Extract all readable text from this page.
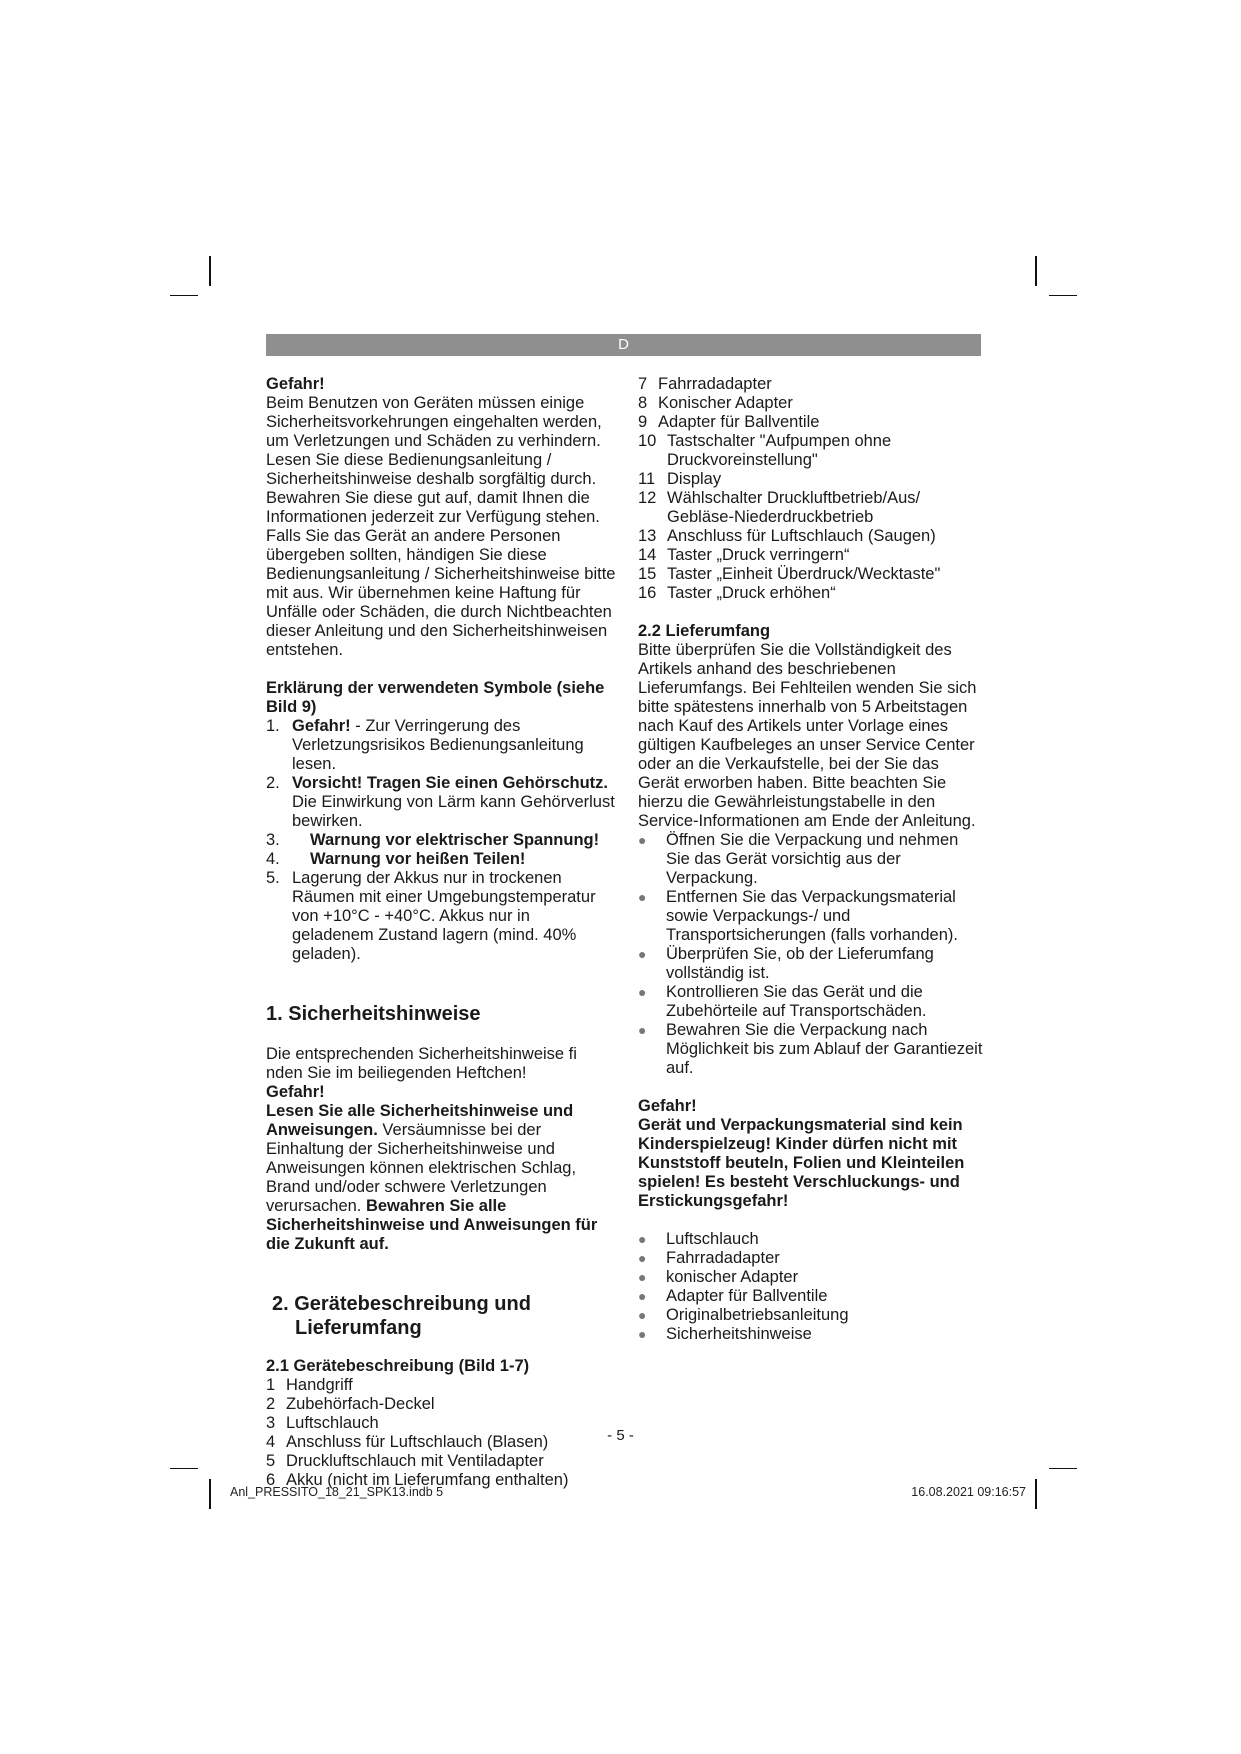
D

Gefahr!

Beim Benutzen von Geräten müssen einige Sicherheitsvorkehrungen eingehalten werden, um Verletzungen und Schäden zu verhindern. Lesen Sie diese Bedienungsanleitung / Sicherheitshinweise deshalb sorgfältig durch. Bewahren Sie diese gut auf, damit Ihnen die Informationen jederzeit zur Verfügung stehen. Falls Sie das Gerät an andere Personen übergeben sollten, händigen Sie diese Bedienungsanleitung / Sicherheitshinweise bitte mit aus. Wir übernehmen keine Haftung für Unfälle oder Schäden, die durch Nichtbeachten dieser Anleitung und den Sicherheitshinweisen entstehen.

Erklärung der verwendeten Symbole (siehe Bild 9)
1. Gefahr! - Zur Verringerung des Verletzungsrisikos Bedienungsanleitung lesen.
2. Vorsicht! Tragen Sie einen Gehörschutz. Die Einwirkung von Lärm kann Gehörverlust bewirken.
3.	Warnung vor elektrischer Spannung!
4.	Warnung vor heißen Teilen!
5. Lagerung der Akkus nur in trockenen Räumen mit einer Umgebungstemperatur von +10°C - +40°C. Akkus nur in geladenem Zustand lagern (mind. 40% geladen).
1. Sicherheitshinweise

Die entsprechenden Sicherheitshinweise fi nden Sie im beiliegenden Heftchen!

Gefahr!

Lesen Sie alle Sicherheitshinweise und Anweisungen. Versäumnisse bei der Einhaltung der Sicherheitshinweise und Anweisungen können elektrischen Schlag, Brand und/oder schwere Verletzungen verursachen. Bewahren Sie alle Sicherheitshinweise und Anweisungen für die Zukunft auf.

2. Gerätebeschreibung und
Lieferumfang
2.1 Gerätebeschreibung (Bild 1-7)
1 Handgriff
2 Zubehörfach-Deckel
3 Luftschlauch
4 Anschluss für Luftschlauch (Blasen)
5 Druckluftschlauch mit Ventiladapter
6 Akku (nicht im Lieferumfang enthalten)
7 Fahrradadapter
8 Konischer Adapter
9 Adapter für Ballventile
10 Tastschalter "Aufpumpen ohne Druckvoreinstellung"
11 Display
12 Wählschalter Druckluftbetrieb/Aus/ Gebläse-Niederdruckbetrieb
13 Anschluss für Luftschlauch (Saugen)
14 Taster „Druck verringern“
15 Taster „Einheit Überdruck/Wecktaste"
16 Taster „Druck erhöhen“
2.2 Lieferumfang

Bitte überprüfen Sie die Vollständigkeit des Artikels anhand des beschriebenen Lieferumfangs. Bei Fehlteilen wenden Sie sich bitte spätestens innerhalb von 5 Arbeitstagen nach Kauf des Artikels unter Vorlage eines gültigen Kaufbeleges an unser Service Center oder an die Verkaufstelle, bei der Sie das Gerät erworben haben. Bitte beachten Sie hierzu die Gewährleistungstabelle in den Service-Informationen am Ende der Anleitung.

●	Öffnen Sie die Verpackung und nehmen Sie das Gerät vorsichtig aus der Verpackung.
●	Entfernen Sie das Verpackungsmaterial sowie Verpackungs-/ und Transportsicherungen (falls vorhanden).
●	Überprüfen Sie, ob der Lieferumfang vollständig ist.
●	Kontrollieren Sie das Gerät und die Zubehörteile auf Transportschäden.
●	Bewahren Sie die Verpackung nach Möglichkeit bis zum Ablauf der Garantiezeit auf.

Gefahr!

Gerät und Verpackungsmaterial sind kein Kinderspielzeug! Kinder dürfen nicht mit Kunststoff beuteln, Folien und Kleinteilen spielen! Es besteht Verschluckungs- und Erstickungsgefahr!

●	Luftschlauch
●	Fahrradadapter
●	konischer Adapter
●	Adapter für Ballventile
●	Originalbetriebsanleitung
●	Sicherheitshinweise
- 5 -
Anl_PRESSITO_18_21_SPK13.indb 5	16.08.2021 09:16:57
